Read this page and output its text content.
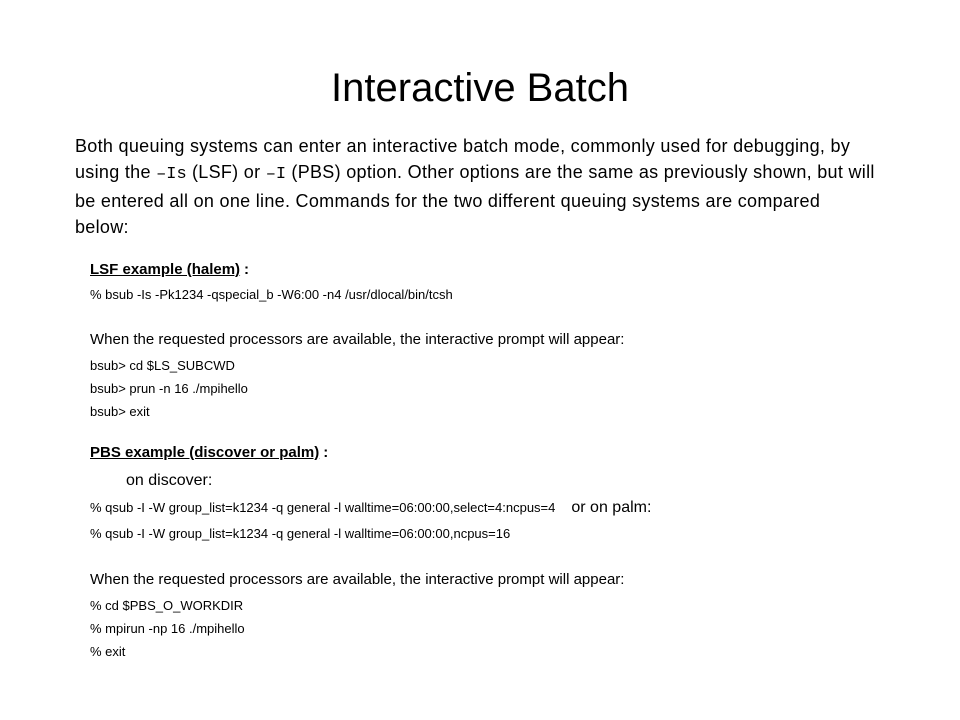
Interactive Batch
Both queuing systems can enter an interactive batch mode, commonly used for debugging, by using the –Is (LSF) or –I (PBS) option. Other options are the same as previously shown, but will be entered all on one line. Commands for the two different queuing systems are compared below:
LSF example (halem) :
% bsub -Is -Pk1234 -qspecial_b -W6:00 -n4 /usr/dlocal/bin/tcsh
When the requested processors are available, the interactive prompt will appear:
bsub> cd $LS_SUBCWD
bsub> prun -n 16 ./mpihello
bsub> exit
PBS example (discover or palm) :
on discover:
% qsub -I -W group_list=k1234 -q general -l walltime=06:00:00,select=4:ncpus=4 or on palm:
% qsub -I -W group_list=k1234 -q general -l walltime=06:00:00,ncpus=16
When the requested processors are available, the interactive prompt will appear:
% cd $PBS_O_WORKDIR
% mpirun -np 16 ./mpihello
% exit
